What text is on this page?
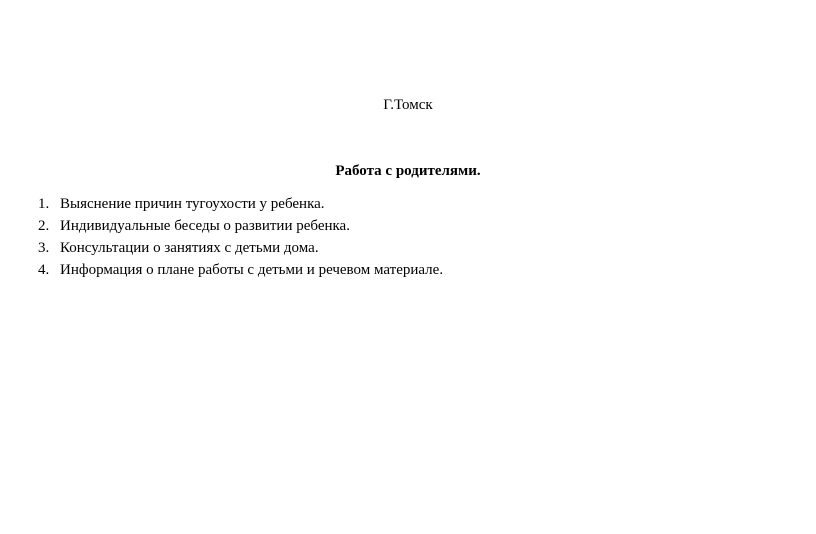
Г.Томск
Работа с родителями.
1. Выяснение причин тугоухости у ребенка.
2. Индивидуальные беседы о развитии ребенка.
3. Консультации о занятиях с детьми дома.
4. Информация о плане работы с детьми и речевом материале.
